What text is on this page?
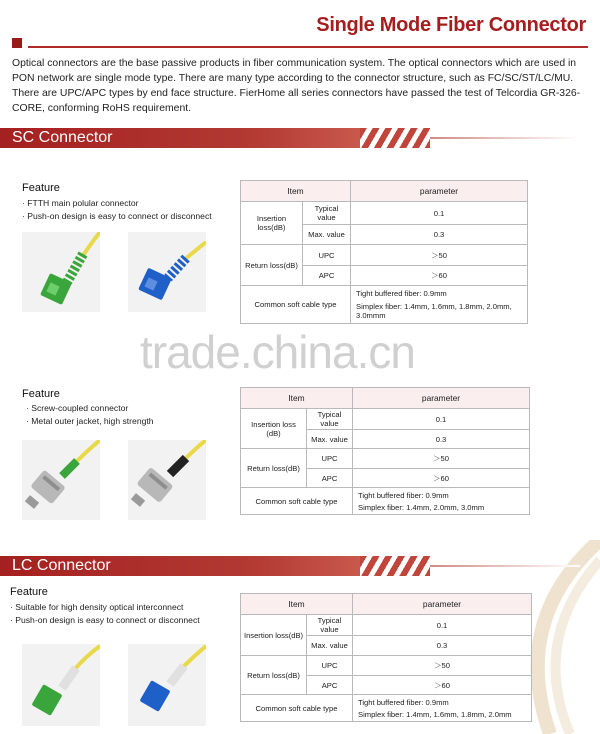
Single Mode Fiber Connector
Optical connectors are the base passive products in fiber communication system. The optical connectors which are used in PON network are single mode type. There are many type according to the connector structure, such as FC/SC/ST/LC/MU. There are UPC/APC types by end face structure. FierHome all series connectors have passed the test of Telcordia GR-326-CORE, conforming RoHS requirement.
SC Connector
Feature
· FTTH main polular connector
· Push-on design is easy to connect or disconnect
Item		parameter
Insertion loss(dB)	Typical value	0.1
	Max. value	0.3
Return loss(dB)	UPC	＞50
	APC	＞60
Common soft cable type		Tight buffered fiber: 0.9mm
Simplex fiber: 1.4mm, 1.6mm, 1.8mm, 2.0mm, 3.0mmm
trade.china.cn
Feature
· Screw-coupled connector
· Metal outer jacket, high strength
Item		parameter
Insertion loss (dB)	Typical value	0.1
	Max. value	0.3
Return loss(dB)	UPC	＞50
	APC	＞60
Common soft cable type		Tight buffered fiber: 0.9mm
Simplex fiber: 1.4mm, 2.0mm, 3.0mm
LC Connector
Feature
· Suitable for high density optical interconnect
· Push-on design is easy to connect or disconnect
Item		parameter
Insertion loss(dB)	Typical value	0.1
	Max. value	0.3
Return loss(dB)	UPC	＞50
	APC	＞60
Common soft cable type		Tight buffered fiber: 0.9mm
Simplex fiber: 1.4mm, 1.6mm, 1.8mm, 2.0mm
